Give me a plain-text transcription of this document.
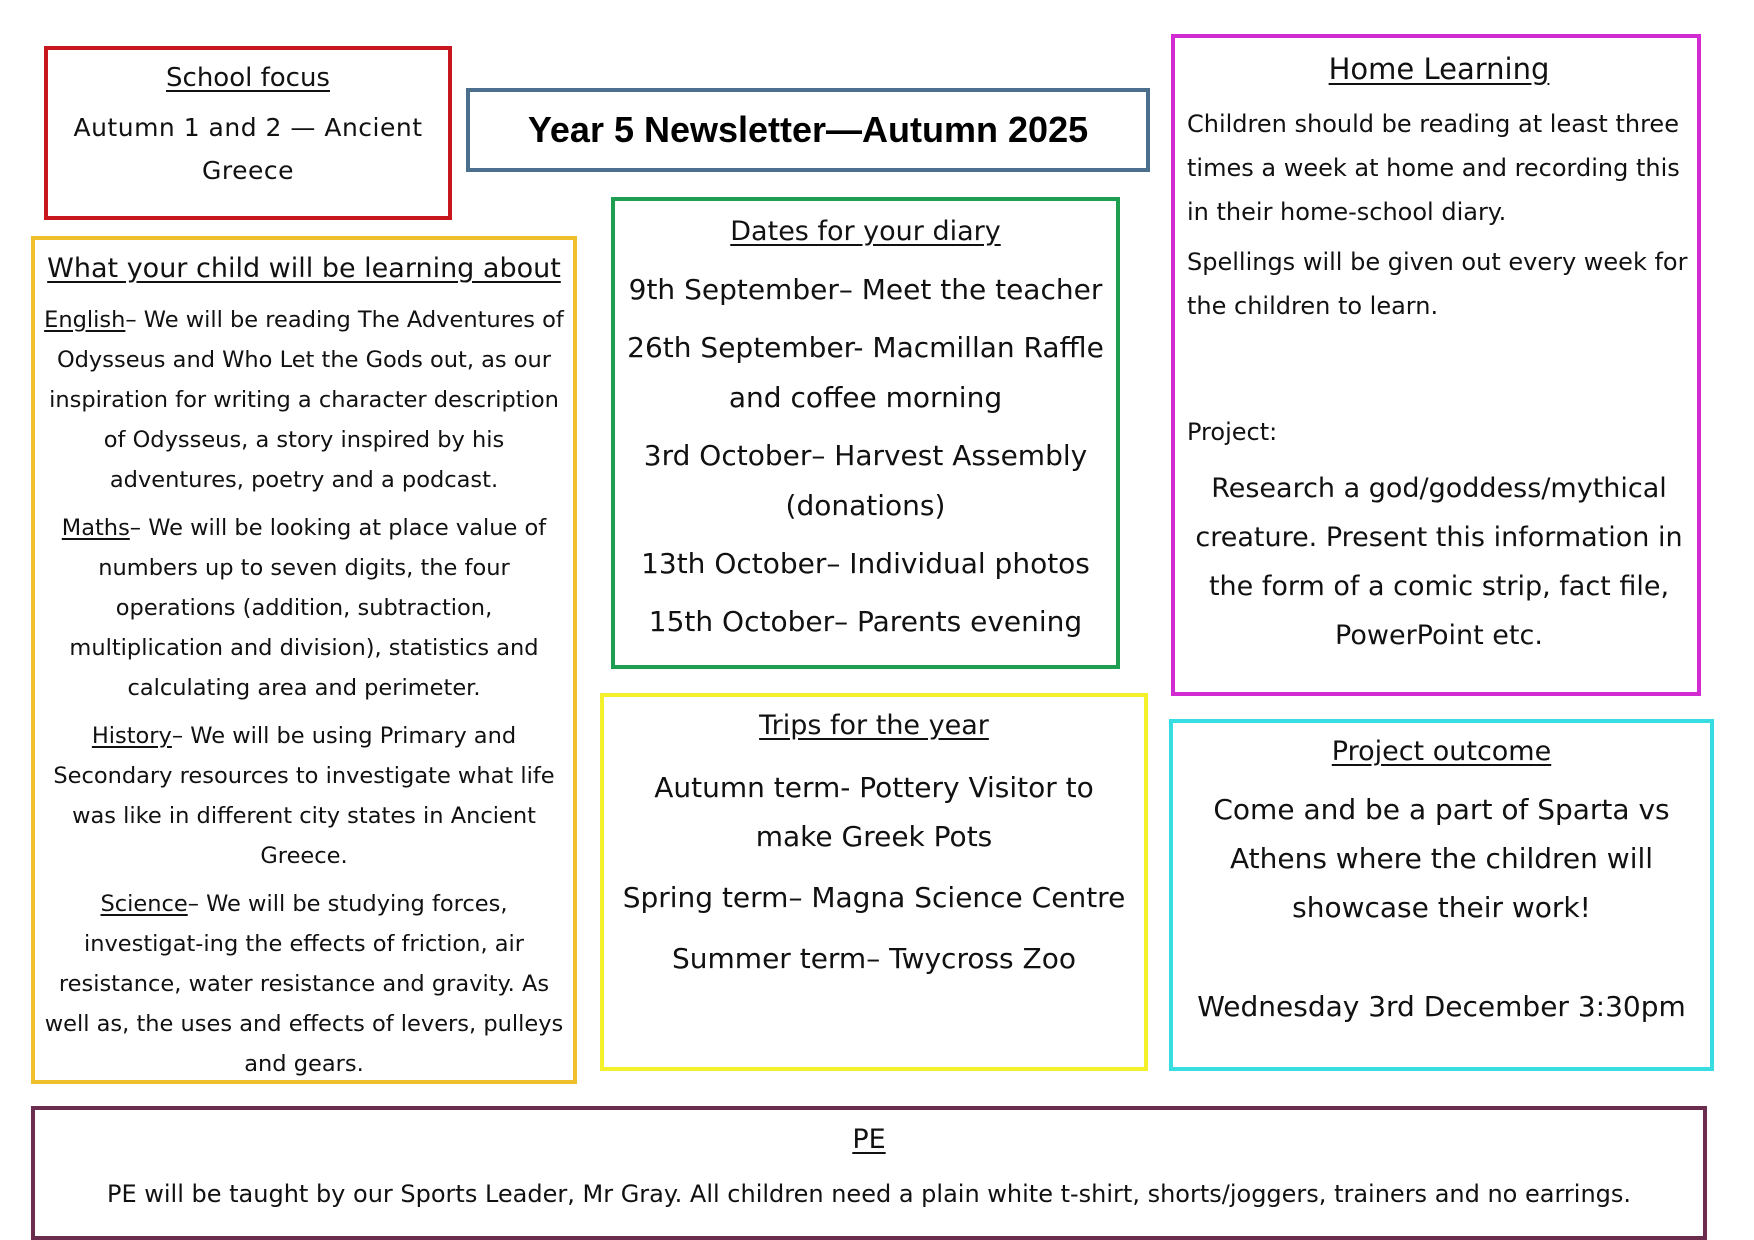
School focus

Autumn 1 and 2 — Ancient Greece

Year 5 Newsletter—Autumn 2025
Home Learning

Children should be reading at least three times a week at home and recording this in their home-school diary.

Spellings will be given out every week for the children to learn.

Project:

Research a god/goddess/mythical creature. Present this information in the form of a comic strip, fact file, PowerPoint etc.

What your child will be learning about

English– We will be reading The Adventures of Odysseus and Who Let the Gods out, as our inspiration for writing a character description of Odysseus, a story inspired by his adventures, poetry and a podcast.

Maths– We will be looking at place value of numbers up to seven digits, the four operations (addition, subtraction, multiplication and division), statistics and calculating area and perimeter.

History– We will be using Primary and Secondary resources to investigate what life was like in different city states in Ancient Greece.

Science– We will be studying forces, investigat-ing the effects of friction, air resistance, water resistance and gravity. As well as, the uses and effects of levers, pulleys and gears.

Dates for your diary

9th September– Meet the teacher

26th September- Macmillan Raffle and coffee morning

3rd October– Harvest Assembly (donations)

13th October– Individual photos

15th October– Parents evening

Trips for the year

Autumn term- Pottery Visitor to make Greek Pots

Spring term– Magna Science Centre

Summer term– Twycross Zoo

Project outcome

Come and be a part of Sparta vs Athens where the children will showcase their work!

Wednesday 3rd December 3:30pm

PE

PE will be taught by our Sports Leader, Mr Gray. All children need a plain white t-shirt, shorts/joggers, trainers and no earrings.
